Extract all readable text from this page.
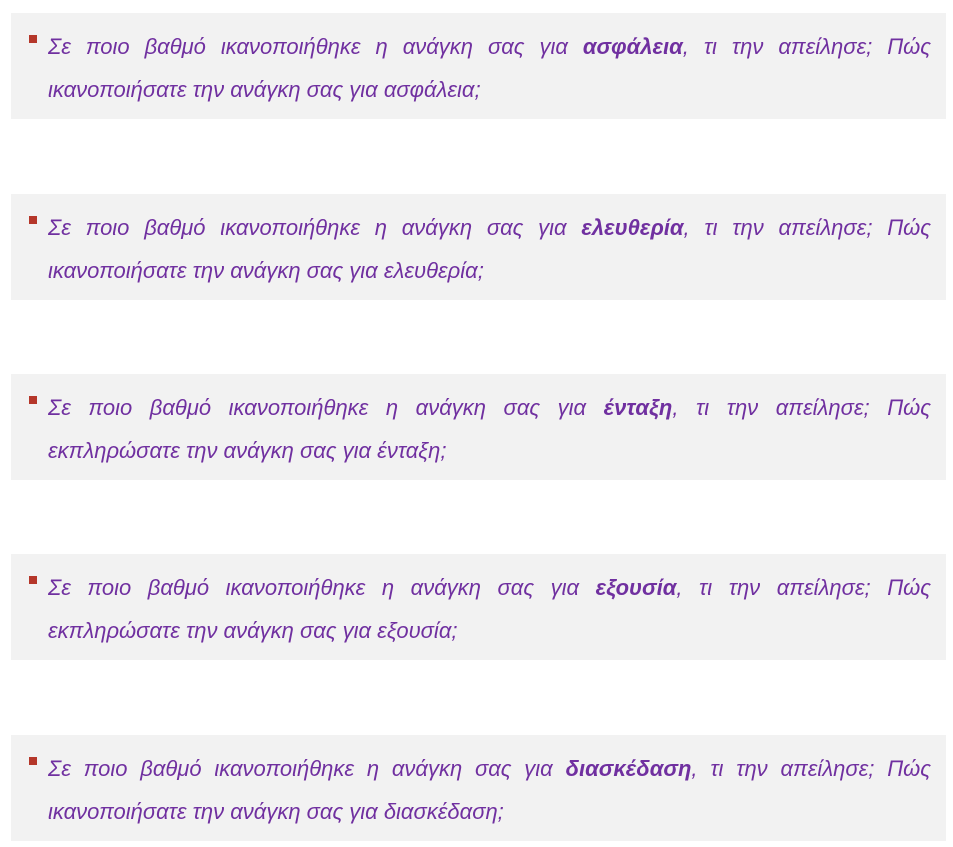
Σε ποιο βαθμό ικανοποιήθηκε η ανάγκη σας για ασφάλεια, τι την απείλησε; Πώς ικανοποιήσατε την ανάγκη σας για ασφάλεια;
Σε ποιο βαθμό ικανοποιήθηκε η ανάγκη σας για ελευθερία, τι την απείλησε; Πώς ικανοποιήσατε την ανάγκη σας για ελευθερία;
Σε ποιο βαθμό ικανοποιήθηκε η ανάγκη σας για ένταξη, τι την απείλησε; Πώς εκπληρώσατε την ανάγκη σας για ένταξη;
Σε ποιο βαθμό ικανοποιήθηκε η ανάγκη σας για εξουσία, τι την απείλησε; Πώς εκπληρώσατε την ανάγκη σας για εξουσία;
Σε ποιο βαθμό ικανοποιήθηκε η ανάγκη σας για διασκέδαση, τι την απείλησε; Πώς ικανοποιήσατε την ανάγκη σας για διασκέδαση;
